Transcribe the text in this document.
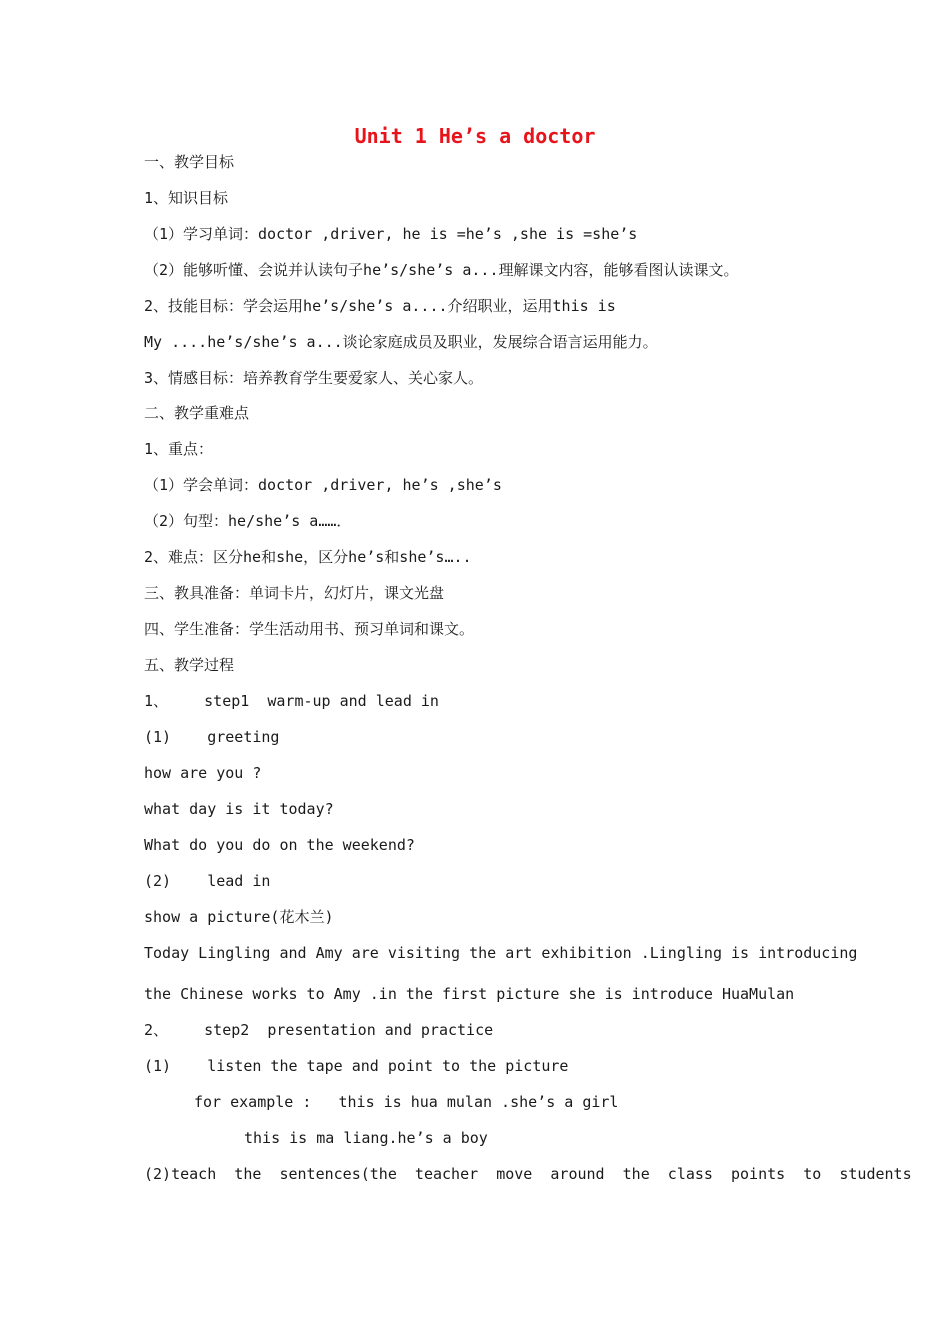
Unit 1 He’s a doctor
一、教学目标
1、知识目标
（1）学习单词：doctor ,driver, he is =he’s ,she is =she’s
（2）能够听懂、会说并认读句子he’s/she’s a...理解课文内容，能够看图认读课文。
2、技能目标：学会运用he’s/she’s a....介绍职业，运用this is
My ....he’s/she’s a...谈论家庭成员及职业，发展综合语言运用能力。
3、情感目标：培养教育学生要爱家人、关心家人。
二、教学重难点
1、重点：
（1）学会单词：doctor ,driver, he’s ,she’s
（2）句型：he/she’s a……．
2、难点：区分he和she，区分he’s和she’s…..
三、教具准备：单词卡片，幻灯片，课文光盘
四、学生准备：学生活动用书、预习单词和课文。
五、教学过程
1、    step1  warm-up and lead in
(1)    greeting
how are you ?
what day is it today?
What do you do on the weekend?
(2)    lead in
show a picture(花木兰)
Today Lingling and Amy are visiting the art exhibition .Lingling is introducing
the Chinese works to Amy .in the first picture she is introduce HuaMulan
2、    step2  presentation and practice
(1)    listen the tape and point to the picture
for example :   this is hua mulan .she’s a girl
this is ma liang.he’s a boy
(2)teach  the  sentences(the  teacher  move  around  the  class  points  to  students
